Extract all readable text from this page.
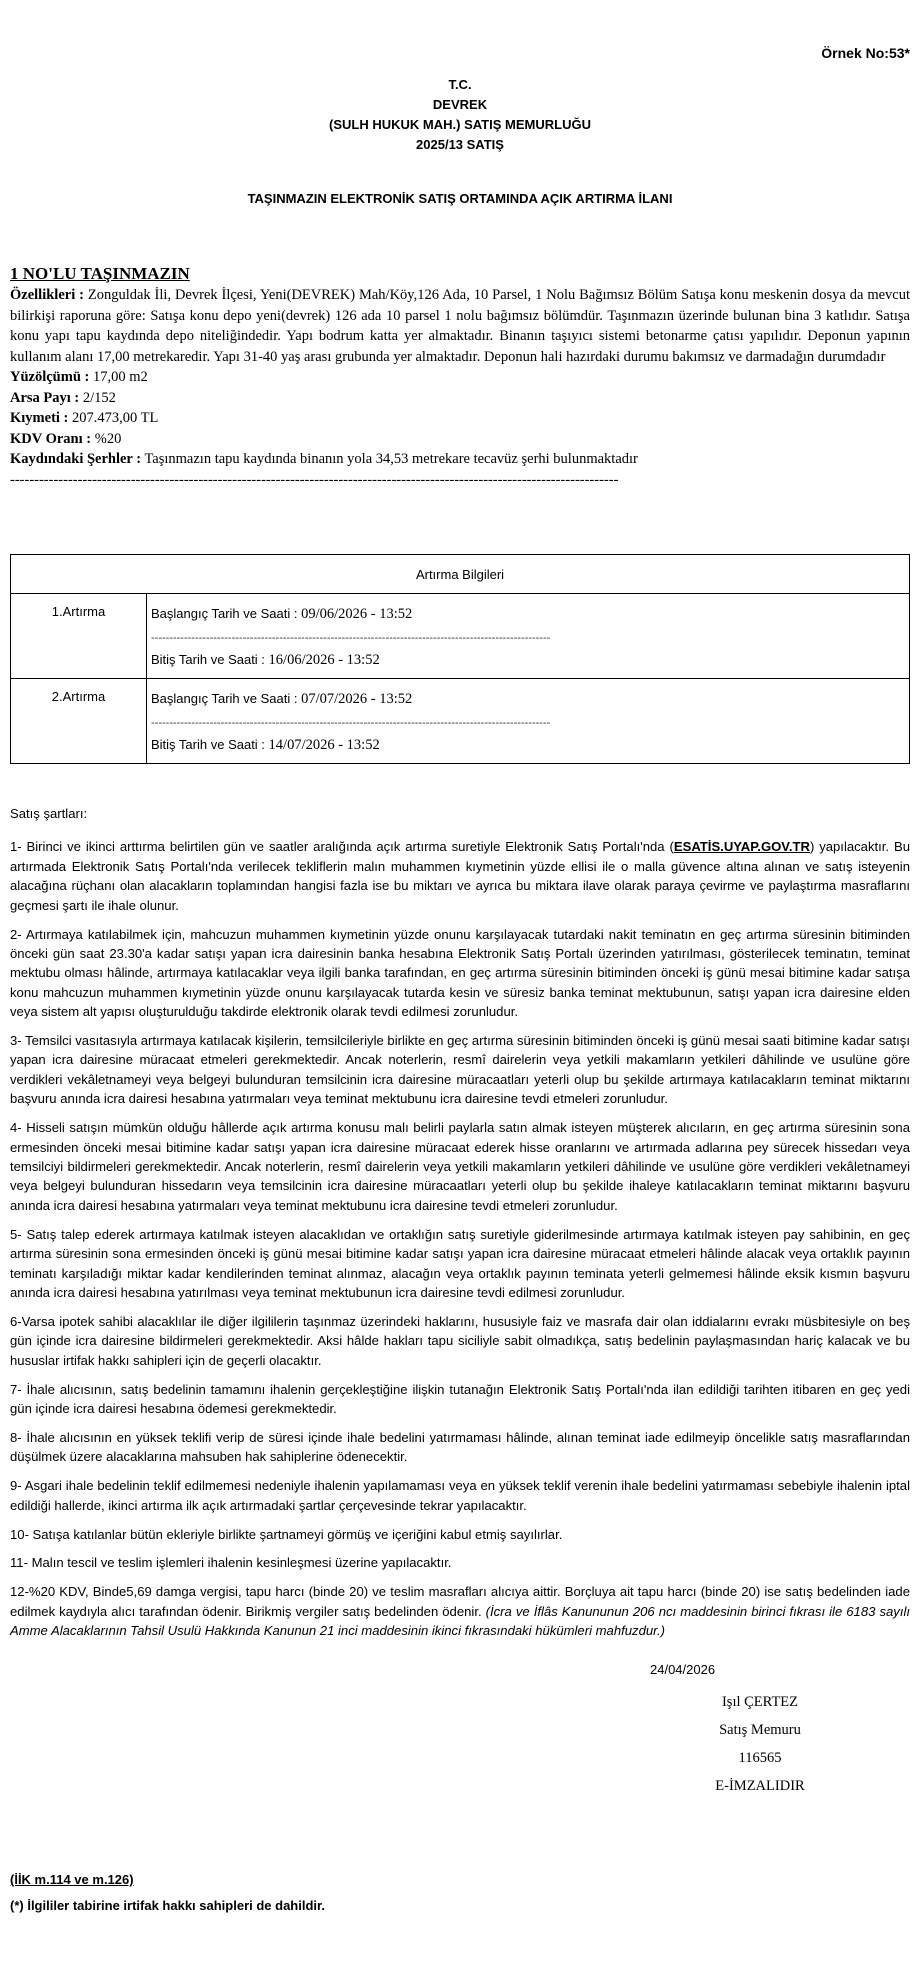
Örnek No:53*
T.C.
DEVREK
(SULH HUKUK MAH.) SATIŞ MEMURLUĞU
2025/13 SATIŞ
TAŞINMAZIN ELEKTRONİK SATIŞ ORTAMINDA AÇIK ARTIRMA İLANI
1 NO'LU TAŞINMAZIN
Özellikleri : Zonguldak İli, Devrek İlçesi, Yeni(DEVREK) Mah/Köy,126 Ada, 10 Parsel, 1 Nolu Bağımsız Bölüm Satışa konu meskenin dosya da mevcut bilirkişi raporuna göre: Satışa konu depo yeni(devrek) 126 ada 10 parsel 1 nolu bağımsız bölümdür. Taşınmazın üzerinde bulunan bina 3 katlıdır. Satışa konu yapı tapu kaydında depo niteliğindedir. Yapı bodrum katta yer almaktadır. Binanın taşıyıcı sistemi betonarme çatısı yapılıdır. Deponun yapının kullanım alanı 17,00 metrekaredir. Yapı 31-40 yaş arası grubunda yer almaktadır. Deponun hali hazırdaki durumu bakımsız ve darmadağın durumdadır
Yüzölçümü : 17,00 m2
Arsa Payı : 2/152
Kıymeti : 207.473,00 TL
KDV Oranı : %20
Kaydındaki Şerhler : Taşınmazın tapu kaydında binanın yola 34,53 metrekare tecavüz şerhi bulunmaktadır
------------------------------------------------------------------------------------------------------------------------------
Artırma Bilgileri	
1.Artırma	Başlangıç Tarih ve Saati : 09/06/2026 - 13:52
-------------------------------------------------------------------------------------------------------------
Bitiş Tarih ve Saati : 16/06/2026 - 13:52

2.Artırma	Başlangıç Tarih ve Saati : 07/07/2026 - 13:52
-------------------------------------------------------------------------------------------------------------
Bitiş Tarih ve Saati : 14/07/2026 - 13:52

Satış şartları:

1- Birinci ve ikinci arttırma belirtilen gün ve saatler aralığında açık artırma suretiyle Elektronik Satış Portalı'nda (ESATİS.UYAP.GOV.TR) yapılacaktır. Bu artırmada Elektronik Satış Portalı'nda verilecek tekliflerin malın muhammen kıymetinin yüzde ellisi ile o malla güvence altına alınan ve satış isteyenin alacağına rüçhanı olan alacakların toplamından hangisi fazla ise bu miktarı ve ayrıca bu miktara ilave olarak paraya çevirme ve paylaştırma masraflarını geçmesi şartı ile ihale olunur.

2- Artırmaya katılabilmek için, mahcuzun muhammen kıymetinin yüzde onunu karşılayacak tutardaki nakit teminatın en geç artırma süresinin bitiminden önceki gün saat 23.30'a kadar satışı yapan icra dairesinin banka hesabına Elektronik Satış Portalı üzerinden yatırılması, gösterilecek teminatın, teminat mektubu olması hâlinde, artırmaya katılacaklar veya ilgili banka tarafından, en geç artırma süresinin bitiminden önceki iş günü mesai bitimine kadar satışa konu mahcuzun muhammen kıymetinin yüzde onunu karşılayacak tutarda kesin ve süresiz banka teminat mektubunun, satışı yapan icra dairesine elden veya sistem alt yapısı oluşturulduğu takdirde elektronik olarak tevdi edilmesi zorunludur.

3- Temsilci vasıtasıyla artırmaya katılacak kişilerin, temsilcileriyle birlikte en geç artırma süresinin bitiminden önceki iş günü mesai saati bitimine kadar satışı yapan icra dairesine müracaat etmeleri gerekmektedir. Ancak noterlerin, resmî dairelerin veya yetkili makamların yetkileri dâhilinde ve usulüne göre verdikleri vekâletnameyi veya belgeyi bulunduran temsilcinin icra dairesine müracaatları yeterli olup bu şekilde artırmaya katılacakların teminat miktarını başvuru anında icra dairesi hesabına yatırmaları veya teminat mektubunu icra dairesine tevdi etmeleri zorunludur.

4- Hisseli satışın mümkün olduğu hâllerde açık artırma konusu malı belirli paylarla satın almak isteyen müşterek alıcıların, en geç artırma süresinin sona ermesinden önceki mesai bitimine kadar satışı yapan icra dairesine müracaat ederek hisse oranlarını ve artırmada adlarına pey sürecek hissedarı veya temsilciyi bildirmeleri gerekmektedir. Ancak noterlerin, resmî dairelerin veya yetkili makamların yetkileri dâhilinde ve usulüne göre verdikleri vekâletnameyi veya belgeyi bulunduran hissedarın veya temsilcinin icra dairesine müracaatları yeterli olup bu şekilde ihaleye katılacakların teminat miktarını başvuru anında icra dairesi hesabına yatırmaları veya teminat mektubunu icra dairesine tevdi etmeleri zorunludur.

5- Satış talep ederek artırmaya katılmak isteyen alacaklıdan ve ortaklığın satış suretiyle giderilmesinde artırmaya katılmak isteyen pay sahibinin, en geç artırma süresinin sona ermesinden önceki iş günü mesai bitimine kadar satışı yapan icra dairesine müracaat etmeleri hâlinde alacak veya ortaklık payının teminatı karşıladığı miktar kadar kendilerinden teminat alınmaz, alacağın veya ortaklık payının teminata yeterli gelmemesi hâlinde eksik kısmın başvuru anında icra dairesi hesabına yatırılması veya teminat mektubunun icra dairesine tevdi edilmesi zorunludur.

6-Varsa ipotek sahibi alacaklılar ile diğer ilgililerin taşınmaz üzerindeki haklarını, hususiyle faiz ve masrafa dair olan iddialarını evrakı müsbitesiyle on beş gün içinde icra dairesine bildirmeleri gerekmektedir. Aksi hâlde hakları tapu siciliyle sabit olmadıkça, satış bedelinin paylaşmasından hariç kalacak ve bu hususlar irtifak hakkı sahipleri için de geçerli olacaktır.

7- İhale alıcısının, satış bedelinin tamamını ihalenin gerçekleştiğine ilişkin tutanağın Elektronik Satış Portalı'nda ilan edildiği tarihten itibaren en geç yedi gün içinde icra dairesi hesabına ödemesi gerekmektedir.

8- İhale alıcısının en yüksek teklifi verip de süresi içinde ihale bedelini yatırmaması hâlinde, alınan teminat iade edilmeyip öncelikle satış masraflarından düşülmek üzere alacaklarına mahsuben hak sahiplerine ödenecektir.

9- Asgari ihale bedelinin teklif edilmemesi nedeniyle ihalenin yapılamaması veya en yüksek teklif verenin ihale bedelini yatırmaması sebebiyle ihalenin iptal edildiği hallerde, ikinci artırma ilk açık artırmadaki şartlar çerçevesinde tekrar yapılacaktır.

10- Satışa katılanlar bütün ekleriyle birlikte şartnameyi görmüş ve içeriğini kabul etmiş sayılırlar.

11- Malın tescil ve teslim işlemleri ihalenin kesinleşmesi üzerine yapılacaktır.

12-%20 KDV, Binde5,69 damga vergisi, tapu harcı (binde 20) ve teslim masrafları alıcıya aittir. Borçluya ait tapu harcı (binde 20) ise satış bedelinden iade edilmek kaydıyla alıcı tarafından ödenir. Birikmiş vergiler satış bedelinden ödenir. (İcra ve İflâs Kanununun 206 ncı maddesinin birinci fıkrası ile 6183 sayılı Amme Alacaklarının Tahsil Usulü Hakkında Kanunun 21 inci maddesinin ikinci fıkrasındaki hükümleri mahfuzdur.)

24/04/2026
Işıl ÇERTEZ
Satış Memuru
116565
E-İMZALIDIR
(İİK m.114 ve m.126)
(*) İlgililer tabirine irtifak hakkı sahipleri de dahildir.
